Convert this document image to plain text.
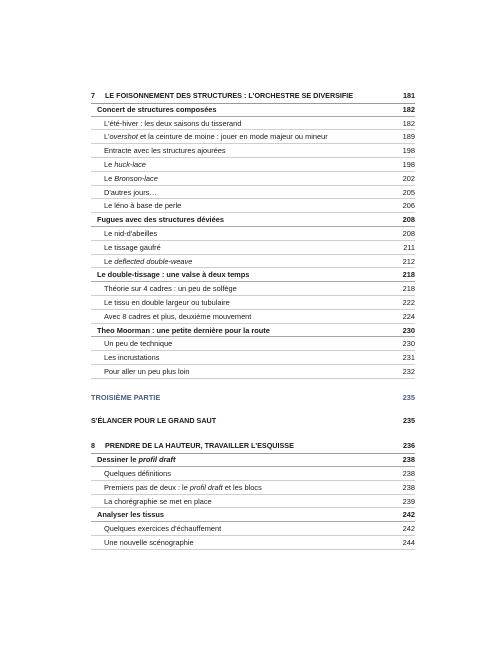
7 LE FOISONNEMENT DES STRUCTURES : L'ORCHESTRE SE DIVERSIFIE	181
Concert de structures composées	182
L'été-hiver : les deux saisons du tisserand	182
L'overshot et la ceinture de moine : jouer en mode majeur ou mineur	189
Entracte avec les structures ajourées	198
Le huck-lace	198
Le Bronson-lace	202
D'autres jours…	205
Le léno à base de perle	206
Fugues avec des structures déviées	208
Le nid-d'abeilles	208
Le tissage gaufré	211
Le deflected double-weave	212
Le double-tissage : une valse à deux temps	218
Théorie sur 4 cadres : un peu de solfège	218
Le tissu en double largeur ou tubulaire	222
Avec 8 cadres et plus, deuxième mouvement	224
Theo Moorman : une petite dernière pour la route	230
Un peu de technique	230
Les incrustations	231
Pour aller un peu plus loin	232
TROISIÈME PARTIE	235
S'ÉLANCER POUR LE GRAND SAUT	235
8 PRENDRE DE LA HAUTEUR, TRAVAILLER L'ESQUISSE	236
Dessiner le profil draft	238
Quelques définitions	238
Premiers pas de deux : le profil draft et les blocs	238
La chorégraphie se met en place	239
Analyser les tissus	242
Quelques exercices d'échauffement	242
Une nouvelle scénographie	244
